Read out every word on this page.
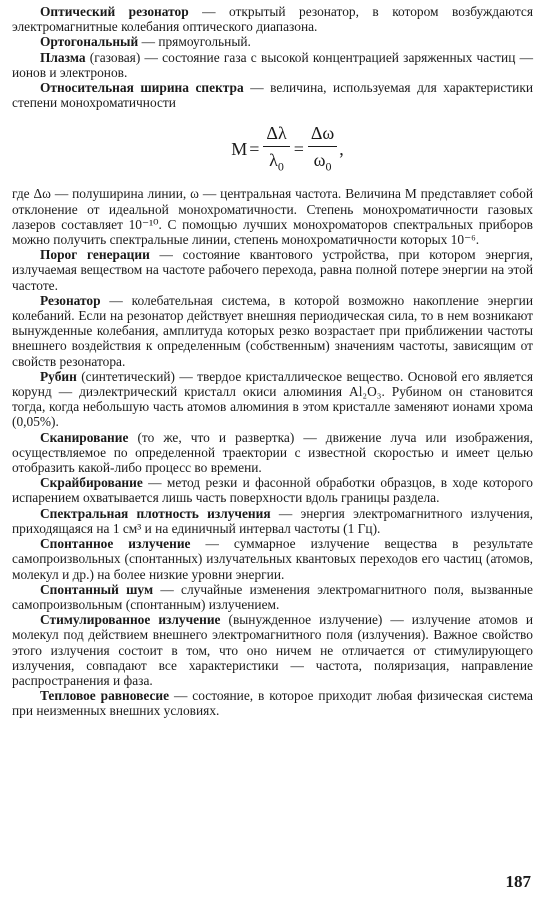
Оптический резонатор — открытый резонатор, в котором возбуждаются электромагнитные колебания оптического диапазона.

Ортогональный — прямоугольный.

Плазма (газовая) — состояние газа с высокой концентрацией заряженных частиц — ионов и электронов.

Относительная ширина спектра — величина, используемая для характеристики степени монохроматичности

$M = \frac{\Delta\lambda}{\lambda_0} = \frac{\Delta\omega}{\omega_0}$ ,

где Δω — полуширина линии, ω — центральная частота. Величина M представляет собой отклонение от идеальной монохроматичности. Степень монохроматичности газовых лазеров составляет 10⁻¹⁰. С помощью лучших монохроматоров спектральных приборов можно получить спектральные линии, степень монохроматичности которых 10⁻⁶.

Порог генерации — состояние квантового устройства, при котором энергия, излучаемая веществом на частоте рабочего перехода, равна полной потере энергии на этой частоте.

Резонатор — колебательная система, в которой возможно накопление энергии колебаний. Если на резонатор действует внешняя периодическая сила, то в нем возникают вынужденные колебания, амплитуда которых резко возрастает при приближении частоты внешнего воздействия к определенным (собственным) значениям частоты, зависящим от свойств резонатора.

Рубин (синтетический) — твердое кристаллическое вещество. Основой его является корунд — диэлектрический кристалл окиси алюминия Al₂O₃. Рубином он становится тогда, когда небольшую часть атомов алюминия в этом кристалле заменяют ионами хрома (0,05%).

Сканирование (то же, что и развертка) — движение луча или изображения, осуществляемое по определенной траектории с известной скоростью и имеет целью отобразить какой-либо процесс во времени.

Скрайбирование — метод резки и фасонной обработки образцов, в ходе которого испарением охватывается лишь часть поверхности вдоль границы раздела.

Спектральная плотность излучения — энергия электромагнитного излучения, приходящаяся на 1 см³ и на единичный интервал частоты (1 Гц).

Спонтанное излучение — суммарное излучение вещества в результате самопроизвольных (спонтанных) излучательных квантовых переходов его частиц (атомов, молекул и др.) на более низкие уровни энергии.

Спонтанный шум — случайные изменения электромагнитного поля, вызванные самопроизвольным (спонтанным) излучением.

Стимулированное излучение (вынужденное излучение) — излучение атомов и молекул под действием внешнего электромагнитного поля (излучения). Важное свойство этого излучения состоит в том, что оно ничем не отличается от стимулирующего излучения, совпадают все характеристики — частота, поляризация, направление распространения и фаза.

Тепловое равновесие — состояние, в которое приходит любая физическая система при неизменных внешних условиях.

187
